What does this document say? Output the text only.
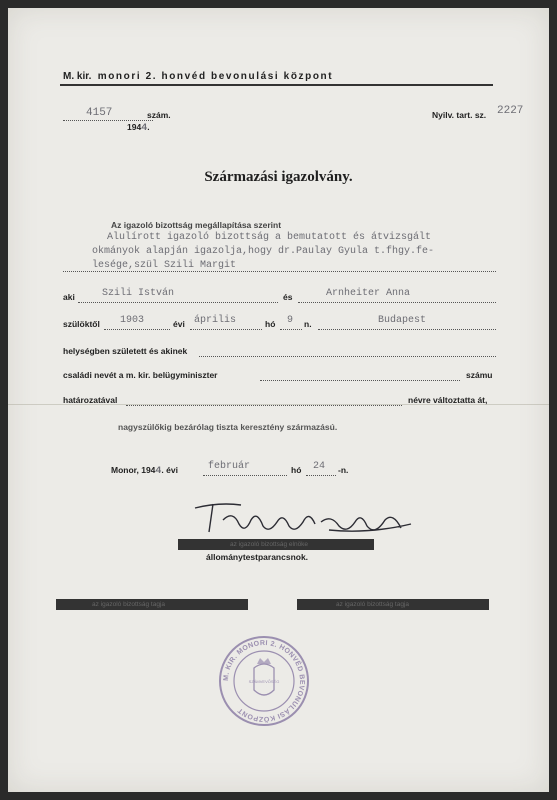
M. kir. monori 2. honvéd bevonulási központ
4157	szám.
1944.
Nyilv. tart. sz. 2227
Származási igazolvány.
Az igazoló bizottság megállapítása szerint
Alulírott igazoló bizottság a bemutatott és átvizsgált
okmányok alapján igazolja,hogy dr.Paulay Gyula t.fhgy.fe-
lesége,szül Szili Margit
aki	Szili István	és	Arnheiter Anna
szülöktől 1903	évi április	hó 9 n.	Budapest
helységben született és akinek
családi nevét a m. kir. belügyminiszter	számu
határozatával	névre változtatta át,
nagyszülőkig bezárólag tiszta keresztény származású.
Monor, 1944. évi	február	hó 24 -n.
az igazoló bizottság elnöke
állománytestparancsnok.
az igazoló bizottság tagja	az igazoló bizottság tagja
M. KIR. MONORI 2. HONVÉD BEVONULÁSI KÖZPONT
SZÁMVEVŐSÉG
